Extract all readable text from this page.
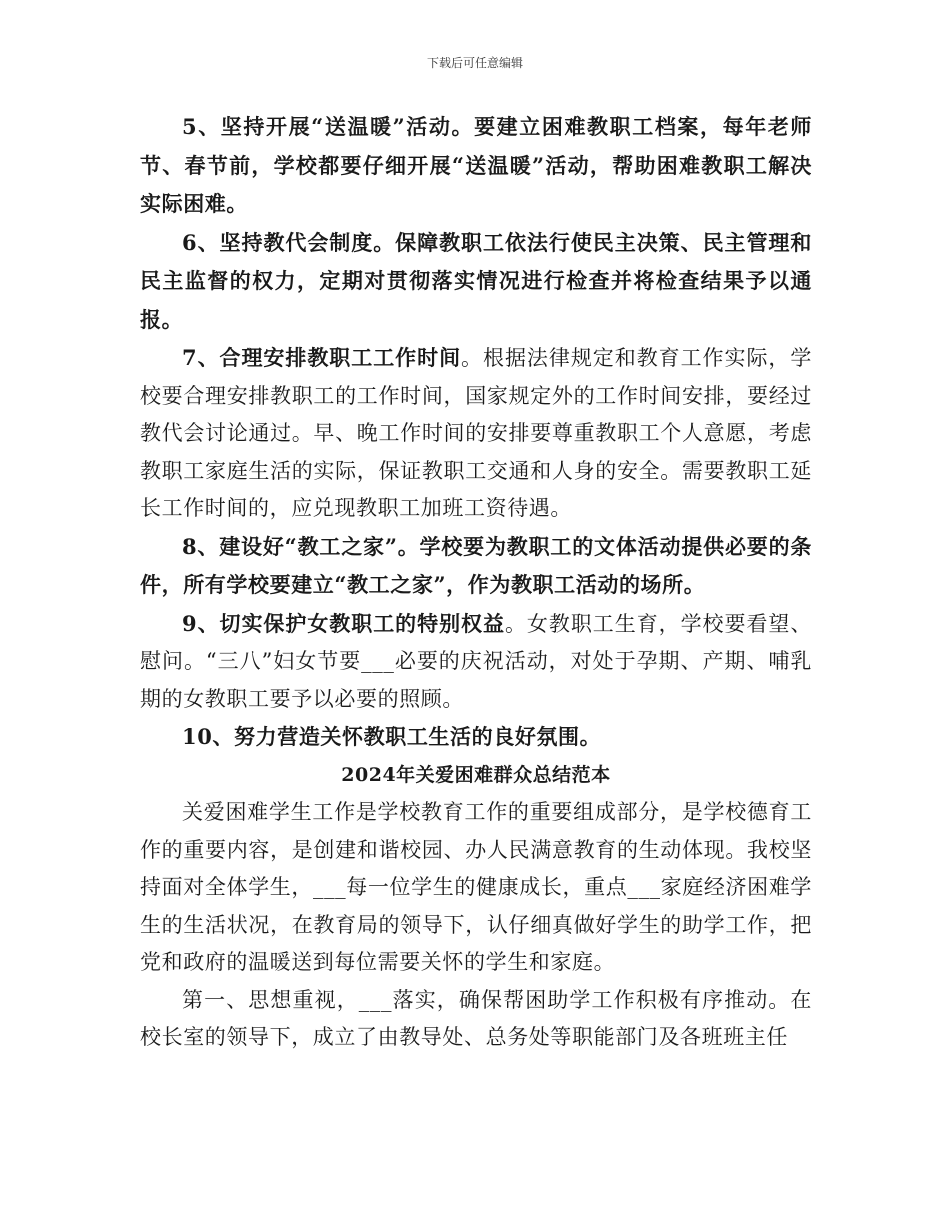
下载后可任意编辑

5、坚持开展“送温暖”活动。要建立困难教职工档案，每年老师节、春节前，学校都要仔细开展“送温暖”活动，帮助困难教职工解决实际困难。

6、坚持教代会制度。保障教职工依法行使民主决策、民主管理和民主监督的权力，定期对贯彻落实情况进行检查并将检查结果予以通报。

7、合理安排教职工工作时间。根据法律规定和教育工作实际，学校要合理安排教职工的工作时间，国家规定外的工作时间安排，要经过教代会讨论通过。早、晚工作时间的安排要尊重教职工个人意愿，考虑教职工家庭生活的实际，保证教职工交通和人身的安全。需要教职工延长工作时间的，应兑现教职工加班工资待遇。

8、建设好“教工之家”。学校要为教职工的文体活动提供必要的条件，所有学校要建立“教工之家”，作为教职工活动的场所。

9、切实保护女教职工的特别权益。女教职工生育，学校要看望、慰问。“三八”妇女节要___必要的庆祝活动，对处于孕期、产期、哺乳期的女教职工要予以必要的照顾。

10、努力营造关怀教职工生活的良好氛围。

2024年关爱困难群众总结范本

关爱困难学生工作是学校教育工作的重要组成部分，是学校德育工作的重要内容，是创建和谐校园、办人民满意教育的生动体现。我校坚持面对全体学生，___每一位学生的健康成长，重点___家庭经济困难学生的生活状况，在教育局的领导下，认仔细真做好学生的助学工作，把党和政府的温暖送到每位需要关怀的学生和家庭。

第一、思想重视，___落实，确保帮困助学工作积极有序推动。在校长室的领导下，成立了由教导处、总务处等职能部门及各班班主任
